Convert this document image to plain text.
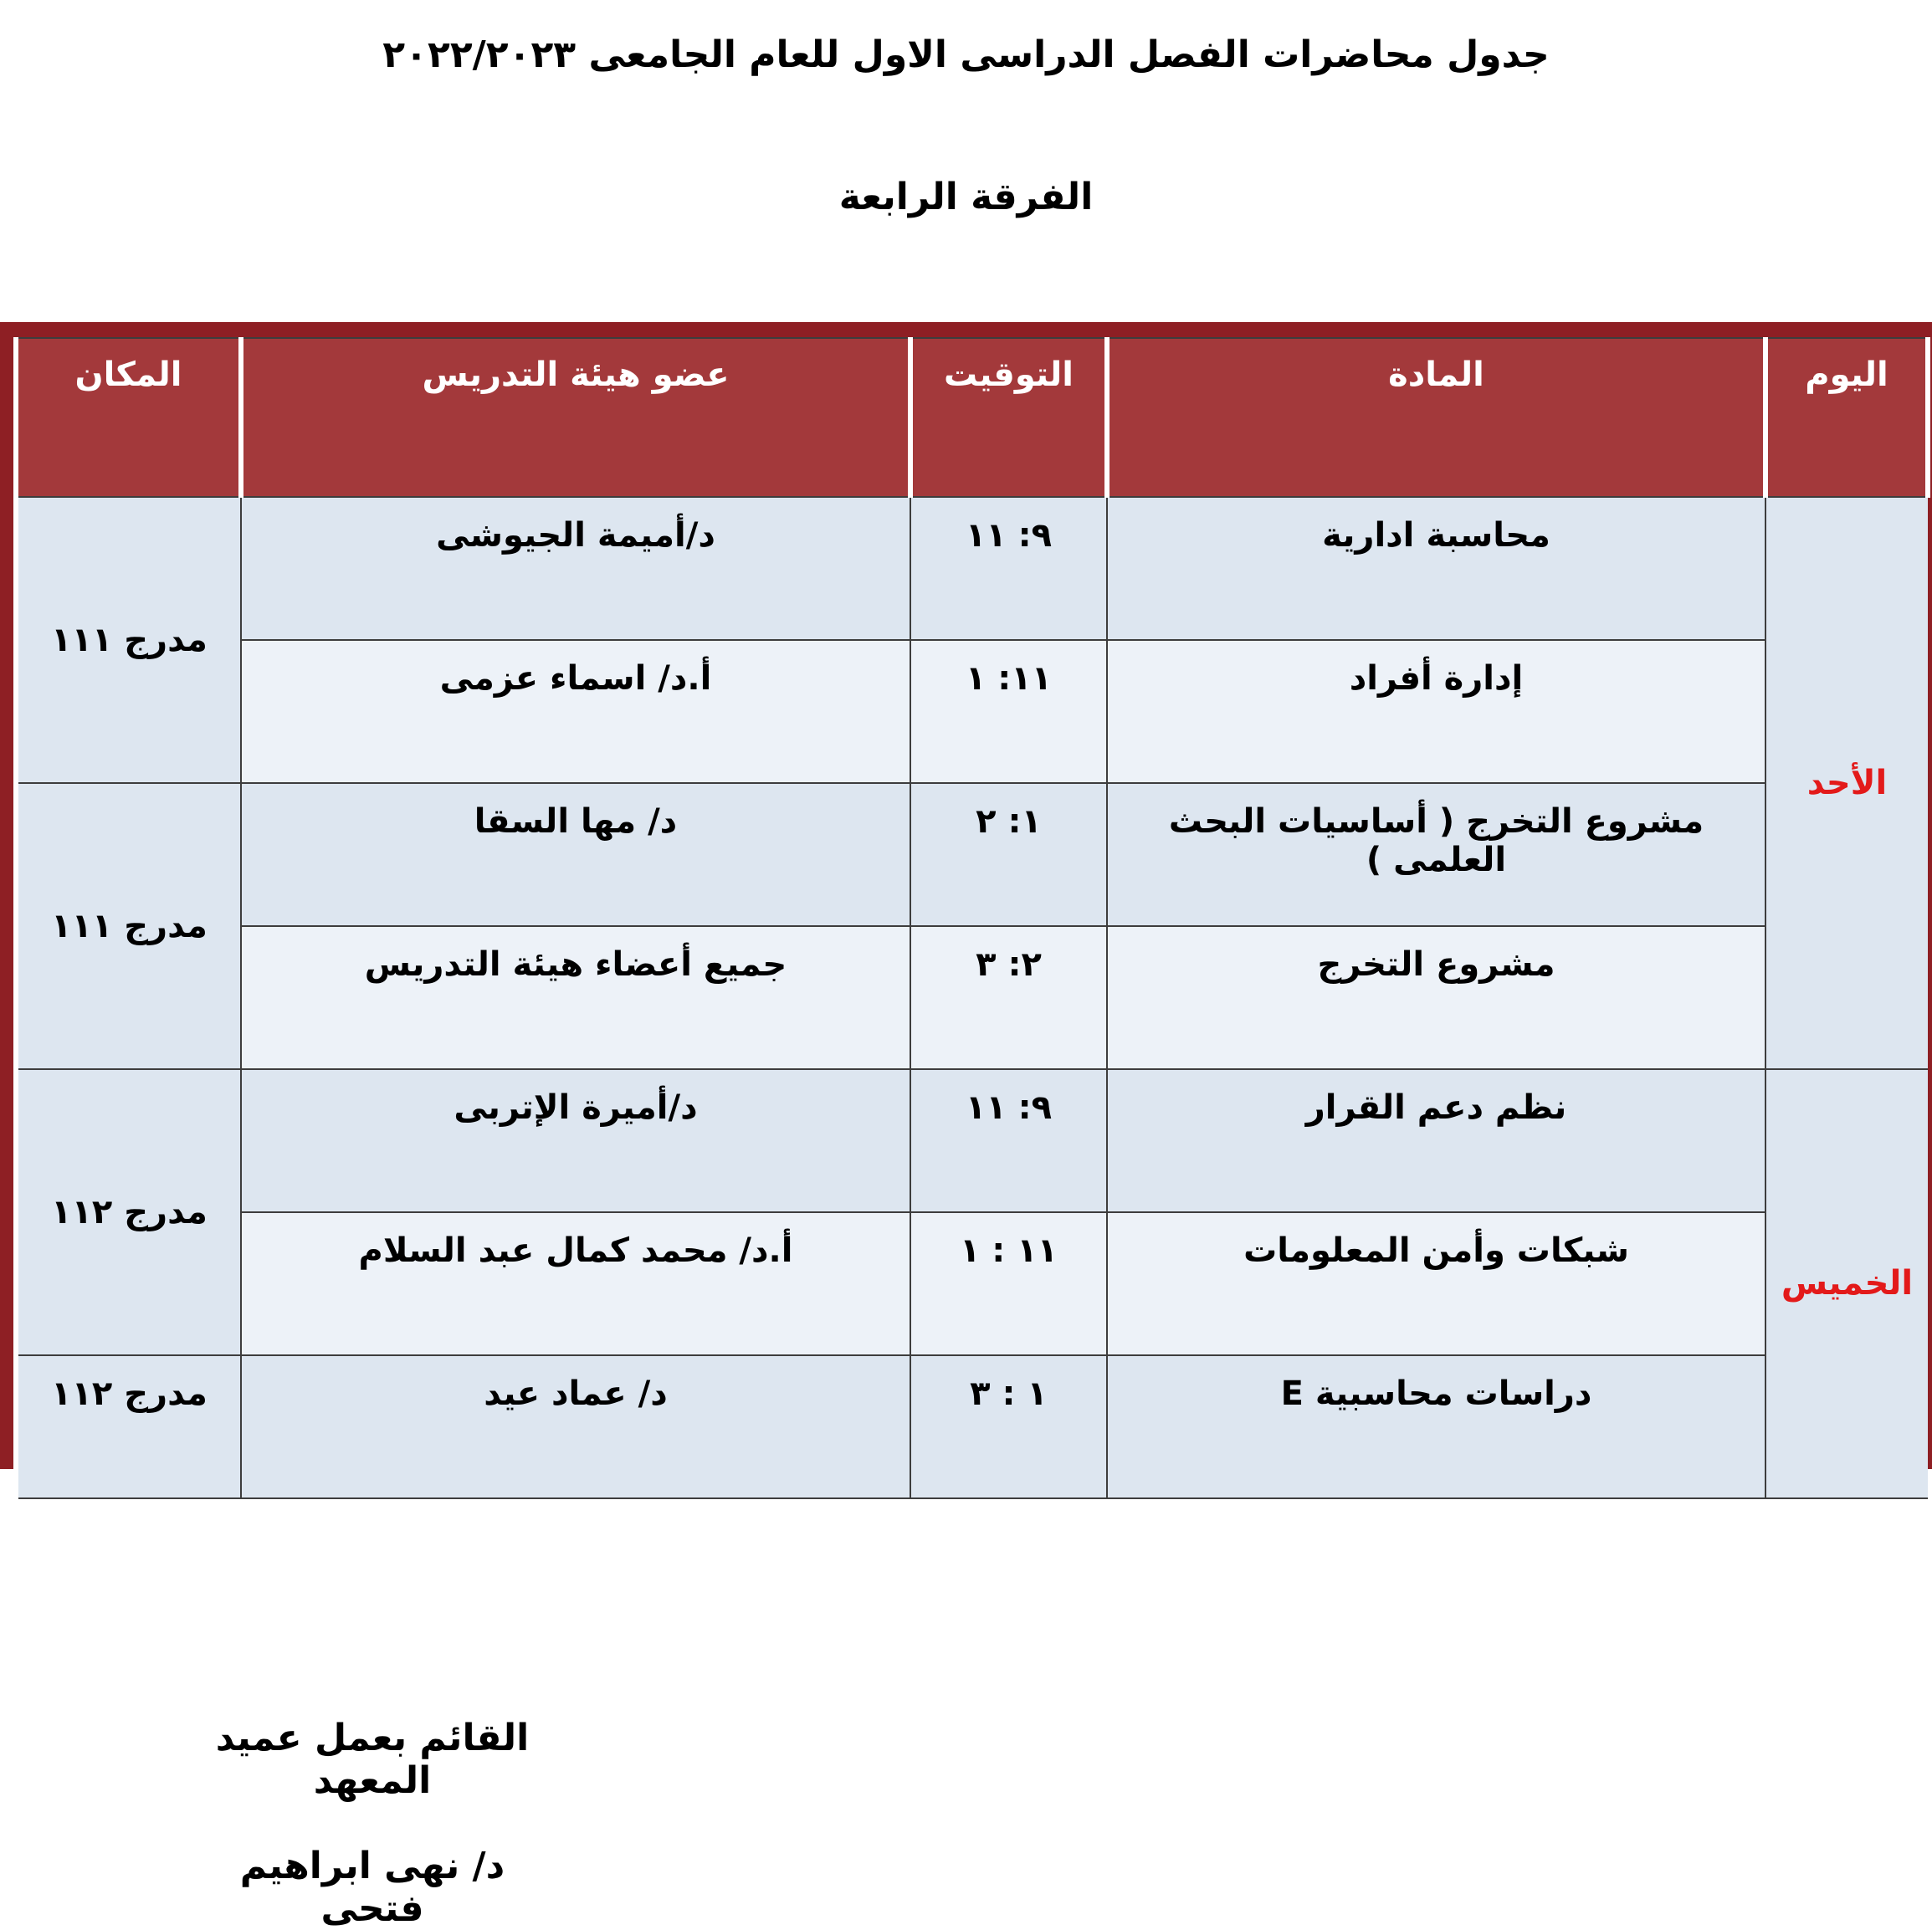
جدول محاضرات الفصل الدراسى الاول للعام الجامعى ٢٠٢٢/٢٠٢٣
الفرقة الرابعة
اليوم	المادة	التوقيت	عضو هيئة التدريس	المكان
الأحد	محاسبة ادارية	٩: ١١	د/أميمة الجيوشى	مدرج ١١١
	إدارة أفراد	١١: ١	أ.د/ اسماء عزمى	
	مشروع التخرج ( أساسيات البحث العلمى )	١: ٢	د/ مها السقا	مدرج ١١١
	مشروع التخرج	٢: ٣	جميع أعضاء هيئة التدريس	
الخميس	نظم دعم القرار	٩: ١١	د/أميرة الإتربى	مدرج ١١٢
	شبكات وأمن المعلومات	١١ : ١	أ.د/ محمد كمال عبد السلام	
	دراسات محاسبية E	١ : ٣	د/ عماد عيد	مدرج ١١٢
القائم بعمل عميد المعهد
د/ نهى ابراهيم فتحى
